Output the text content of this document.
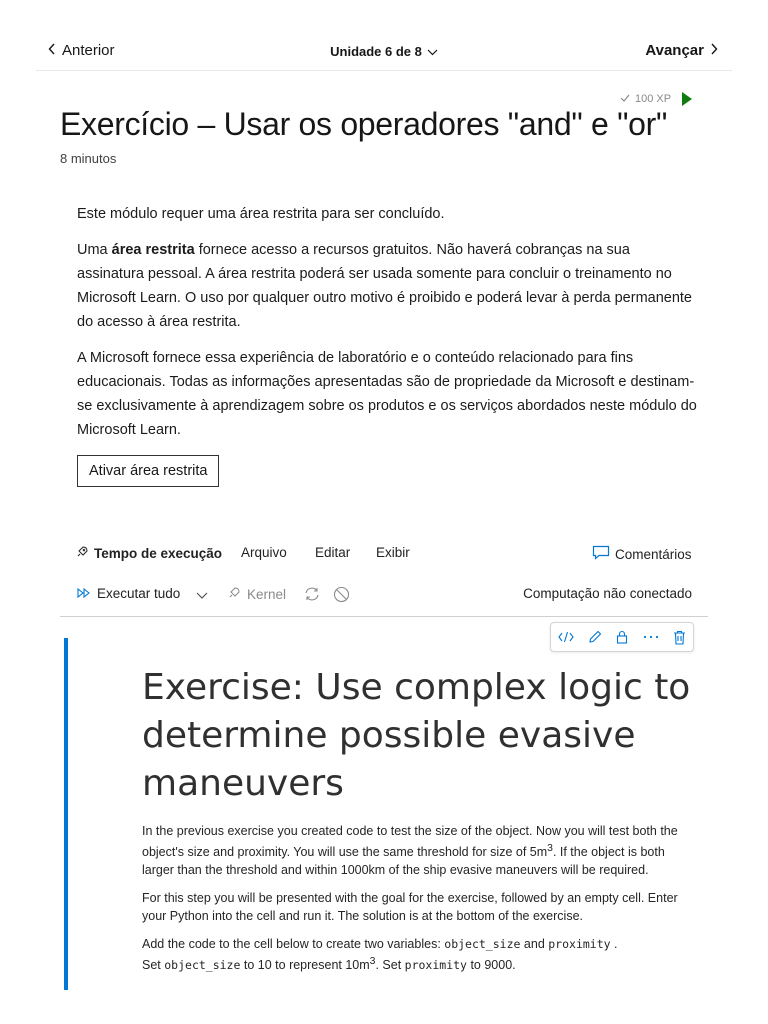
Anterior	Unidade 6 de 8	Avançar
100 XP
Exercício – Usar os operadores "and" e "or"
8 minutos

Este módulo requer uma área restrita para ser concluído.

Uma área restrita fornece acesso a recursos gratuitos. Não haverá cobranças na sua assinatura pessoal. A área restrita poderá ser usada somente para concluir o treinamento no Microsoft Learn. O uso por qualquer outro motivo é proibido e poderá levar à perda permanente do acesso à área restrita.

A Microsoft fornece essa experiência de laboratório e o conteúdo relacionado para fins educacionais. Todas as informações apresentadas são de propriedade da Microsoft e destinam-se exclusivamente à aprendizagem sobre os produtos e os serviços abordados neste módulo do Microsoft Learn.

Ativar área restrita
Tempo de execução Arquivo Editar Exibir	Comentários
Executar tudo	Kernel	Computação não conectado
Exercise: Use complex logic to determine possible evasive maneuvers

In the previous exercise you created code to test the size of the object. Now you will test both the object's size and proximity. You will use the same threshold for size of $5m^3$. If the object is both larger than the threshold and within 1000km of the ship evasive maneuvers will be required.

For this step you will be presented with the goal for the exercise, followed by an empty cell. Enter your Python into the cell and run it. The solution is at the bottom of the exercise.

Add the code to the cell below to create two variables: object_size and proximity .
Set object_size to 10 to represent $10m^3$. Set proximity to 9000.
